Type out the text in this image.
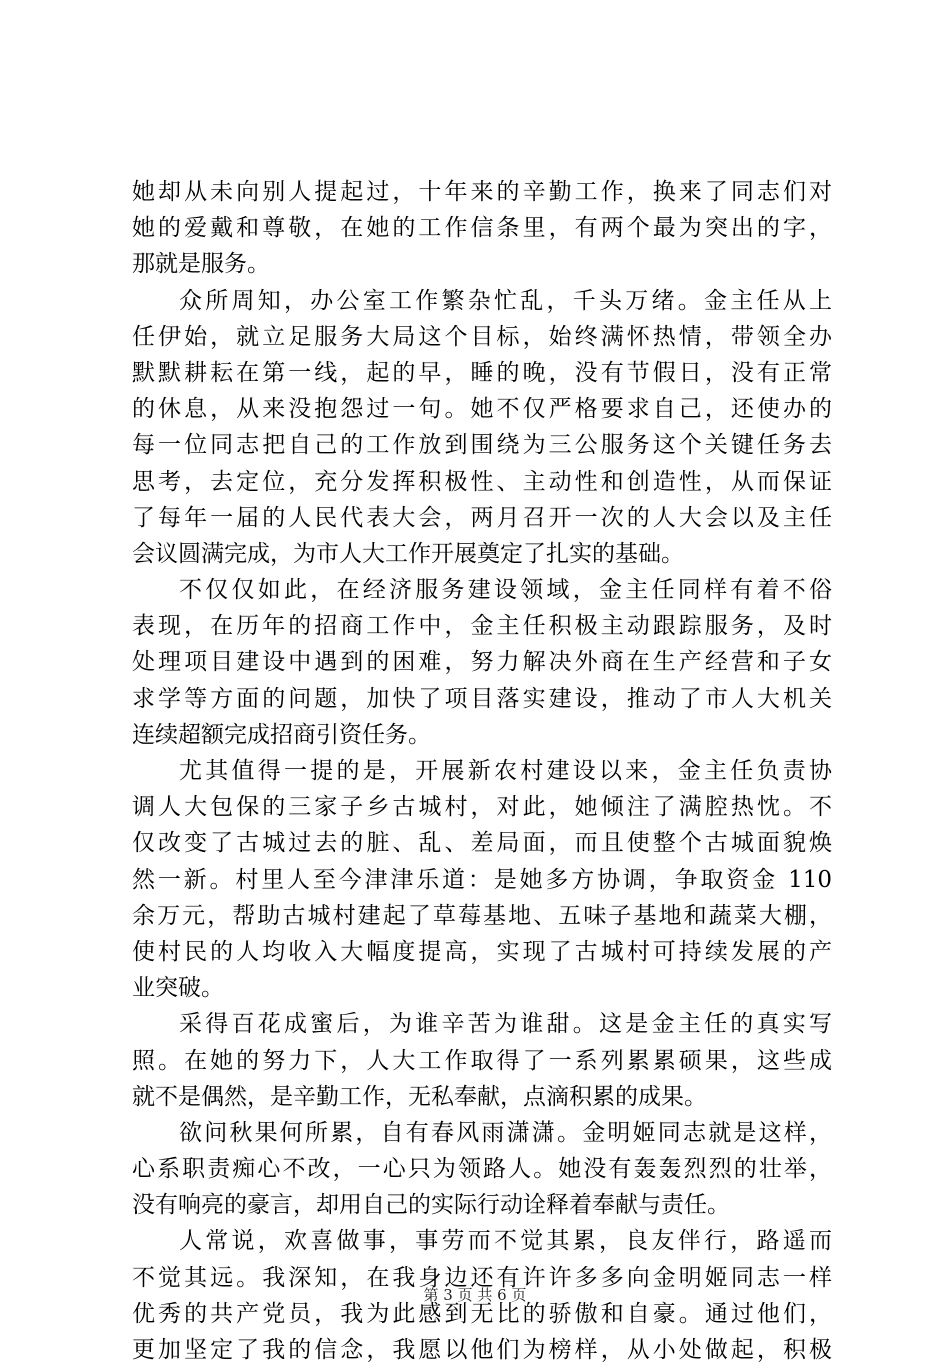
她却从未向别人提起过，十年来的辛勤工作，换来了同志们对
她的爱戴和尊敬，在她的工作信条里，有两个最为突出的字，
那就是服务。
众所周知，办公室工作繁杂忙乱，千头万绪。金主任从上
任伊始，就立足服务大局这个目标，始终满怀热情，带领全办
默默耕耘在第一线，起的早，睡的晚，没有节假日，没有正常
的休息，从来没抱怨过一句。她不仅严格要求自己，还使办的
每一位同志把自己的工作放到围绕为三公服务这个关键任务去
思考，去定位，充分发挥积极性、主动性和创造性，从而保证
了每年一届的人民代表大会，两月召开一次的人大会以及主任
会议圆满完成，为市人大工作开展奠定了扎实的基础。
不仅仅如此，在经济服务建设领域，金主任同样有着不俗
表现，在历年的招商工作中，金主任积极主动跟踪服务，及时
处理项目建设中遇到的困难，努力解决外商在生产经营和子女
求学等方面的问题，加快了项目落实建设，推动了市人大机关
连续超额完成招商引资任务。
尤其值得一提的是，开展新农村建设以来，金主任负责协
调人大包保的三家子乡古城村，对此，她倾注了满腔热忱。不
仅改变了古城过去的脏、乱、差局面，而且使整个古城面貌焕
然一新。村里人至今津津乐道：是她多方协调，争取资金 110
余万元，帮助古城村建起了草莓基地、五味子基地和蔬菜大棚，
使村民的人均收入大幅度提高，实现了古城村可持续发展的产
业突破。
采得百花成蜜后，为谁辛苦为谁甜。这是金主任的真实写
照。在她的努力下，人大工作取得了一系列累累硕果，这些成
就不是偶然，是辛勤工作，无私奉献，点滴积累的成果。
欲问秋果何所累，自有春风雨潇潇。金明姬同志就是这样，
心系职责痴心不改，一心只为领路人。她没有轰轰烈烈的壮举，
没有响亮的豪言，却用自己的实际行动诠释着奉献与责任。
人常说，欢喜做事，事劳而不觉其累，良友伴行，路遥而
不觉其远。我深知，在我身边还有许许多多向金明姬同志一样
优秀的共产党员，我为此感到无比的骄傲和自豪。通过他们，
更加坚定了我的信念，我愿以他们为榜样，从小处做起，积极
第 3 页 共 6 页
